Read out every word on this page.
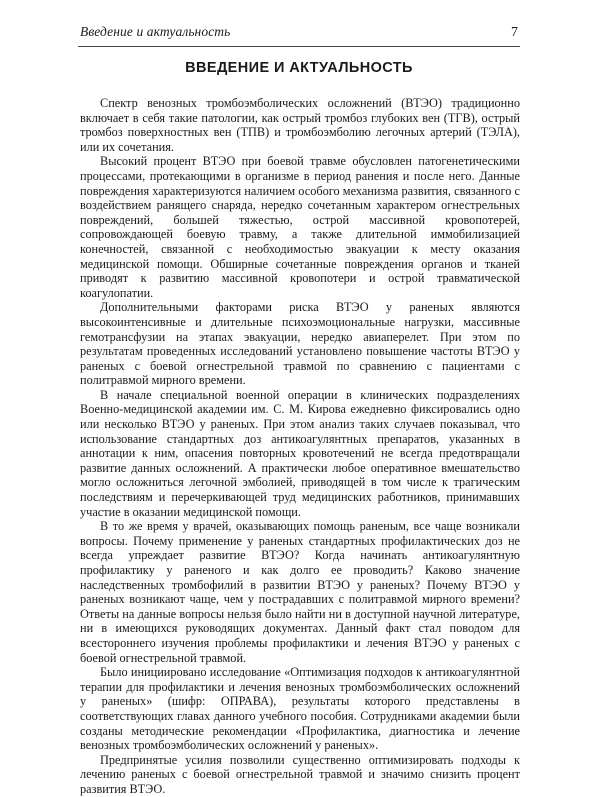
Введение и актуальность	7
ВВЕДЕНИЕ И АКТУАЛЬНОСТЬ

Спектр венозных тромбоэмболических осложнений (ВТЭО) традиционно включает в себя такие патологии, как острый тромбоз глубоких вен (ТГВ), острый тромбоз поверхностных вен (ТПВ) и тромбоэмболию легочных артерий (ТЭЛА), или их сочетания.

Высокий процент ВТЭО при боевой травме обусловлен патогенетическими процессами, протекающими в организме в период ранения и после него. Данные повреждения характеризуются наличием особого механизма развития, связанного с воздействием ранящего снаряда, нередко сочетанным характером огнестрельных повреждений, большей тяжестью, острой массивной кровопотерей, сопровождающей боевую травму, а также длительной иммобилизацией конечностей, связанной с необходимостью эвакуации к месту оказания медицинской помощи. Обширные сочетанные повреждения органов и тканей приводят к развитию массивной кровопотери и острой травматической коагулопатии.

Дополнительными факторами риска ВТЭО у раненых являются высокоинтенсивные и длительные психоэмоциональные нагрузки, массивные гемотрансфузии на этапах эвакуации, нередко авиаперелет. При этом по результатам проведенных исследований установлено повышение частоты ВТЭО у раненых с боевой огнестрельной травмой по сравнению с пациентами с политравмой мирного времени.

В начале специальной военной операции в клинических подразделениях Военно-медицинской академии им. С. М. Кирова ежедневно фиксировались одно или несколько ВТЭО у раненых. При этом анализ таких случаев показывал, что использование стандартных доз антикоагулянтных препаратов, указанных в аннотации к ним, опасения повторных кровотечений не всегда предотвращали развитие данных осложнений. А практически любое оперативное вмешательство могло осложниться легочной эмболией, приводящей в том числе к трагическим последствиям и перечеркивающей труд медицинских работников, принимавших участие в оказании медицинской помощи.

В то же время у врачей, оказывающих помощь раненым, все чаще возникали вопросы. Почему применение у раненых стандартных профилактических доз не всегда упреждает развитие ВТЭО? Когда начинать антикоагулянтную профилактику у раненого и как долго ее проводить? Каково значение наследственных тромбофилий в развитии ВТЭО у раненых? Почему ВТЭО у раненых возникают чаще, чем у пострадавших с политравмой мирного времени? Ответы на данные вопросы нельзя было найти ни в доступной научной литературе, ни в имеющихся руководящих документах. Данный факт стал поводом для всестороннего изучения проблемы профилактики и лечения ВТЭО у раненых с боевой огнестрельной травмой.

Было инициировано исследование «Оптимизация подходов к антикоагулянтной терапии для профилактики и лечения венозных тромбоэмболических осложнений у раненых» (шифр: ОПРАВА), результаты которого представлены в соответствующих главах данного учебного пособия. Сотрудниками академии были созданы методические рекомендации «Профилактика, диагностика и лечение венозных тромбоэмболических осложнений у раненых».

Предпринятые усилия позволили существенно оптимизировать подходы к лечению раненых с боевой огнестрельной травмой и значимо снизить процент развития ВТЭО.
